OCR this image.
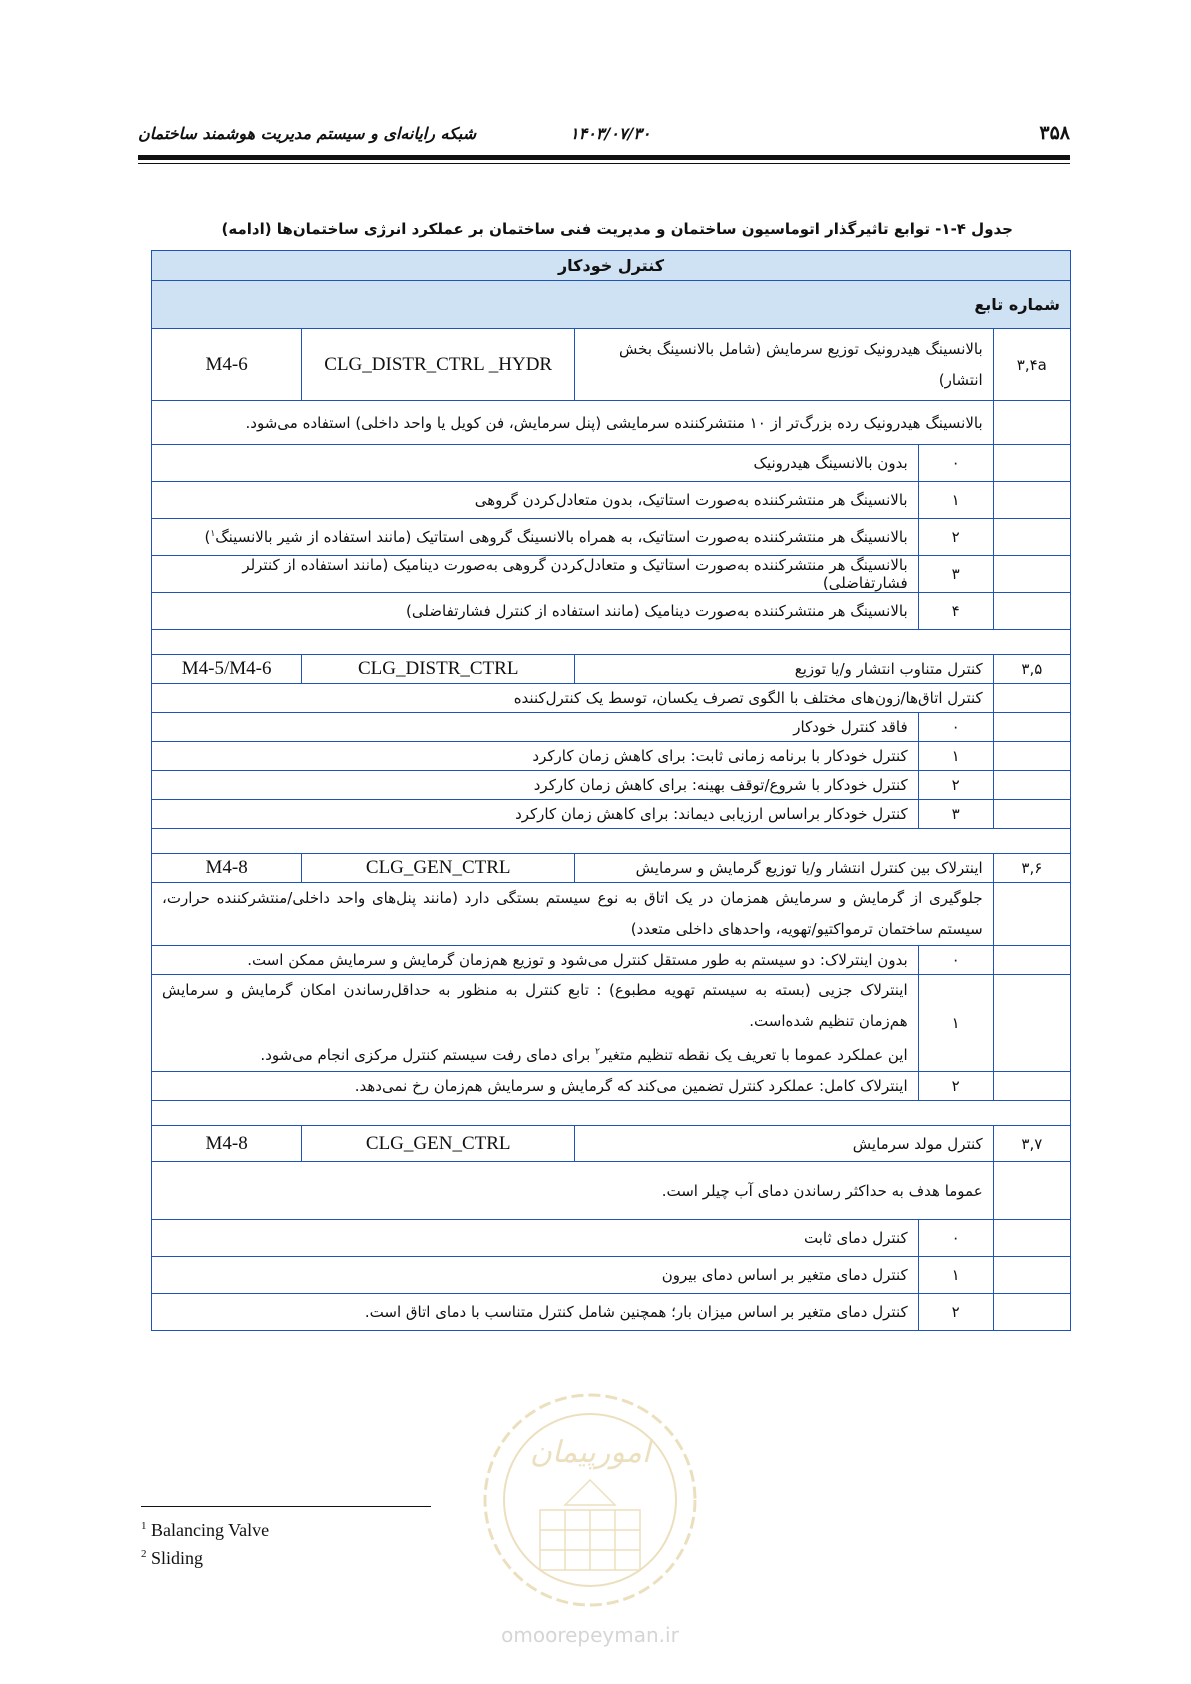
۳۵۸
۱۴۰۳/۰۷/۳۰
شبکه رایانه‌ای و سیستم مدیریت هوشمند ساختمان
جدول ۴-۱- توابع تاثیرگذار اتوماسیون ساختمان و مدیریت فنی ساختمان بر عملکرد انرژی ساختمان‌ها (ادامه)
کنترل خودکار				
شماره تابع				
۳,۴a	بالانسینگ هیدرونیک توزیع سرمایش (شامل بالانسینگ بخش انتشار)		CLG_DISTR_CTRL _HYDR	M4-6
	بالانسینگ هیدرونیک رده بزرگ‌تر از ۱۰ منتشرکننده سرمایشی (پنل سرمایش، فن کویل یا واحد داخلی) استفاده می‌شود.			
	۰	بدون بالانسینگ هیدرونیک		
	۱	بالانسینگ هر منتشرکننده به‌صورت استاتیک، بدون متعادل‌کردن گروهی		
	۲	بالانسینگ هر منتشرکننده به‌صورت استاتیک، به همراه بالانسینگ گروهی استاتیک (مانند استفاده از شیر بالانسینگ$^۱$)		
	۳	بالانسینگ هر منتشرکننده به‌صورت استاتیک و متعادل‌کردن گروهی به‌صورت دینامیک (مانند استفاده از کنترلر فشارتفاضلی)		
	۴	بالانسینگ هر منتشرکننده به‌صورت دینامیک (مانند استفاده از کنترل فشارتفاضلی)		

۳,۵	کنترل متناوب انتشار و/یا توزیع		CLG_DISTR_CTRL	M4-5/M4-6
	کنترل اتاق‌ها/زون‌های مختلف با الگوی تصرف یکسان، توسط یک کنترل‌کننده			
	۰	فاقد کنترل خودکار		
	۱	کنترل خودکار با برنامه زمانی ثابت: برای کاهش زمان کارکرد		
	۲	کنترل خودکار با شروع/توقف بهینه: برای کاهش زمان کارکرد		
	۳	کنترل خودکار براساس ارزیابی دیماند: برای کاهش زمان کارکرد		

۳,۶	اینترلاک بین کنترل انتشار و/یا توزیع گرمایش و سرمایش		CLG_GEN_CTRL	M4-8
	جلوگیری از گرمایش و سرمایش همزمان در یک اتاق به نوع سیستم بستگی دارد (مانند پنل‌های واحد داخلی/منتشرکننده حرارت، سیستم ساختمان ترمواکتیو/تهویه، واحدهای داخلی متعدد)			
	۰	بدون اینترلاک: دو سیستم به طور مستقل کنترل می‌شود و توزیع هم‌زمان گرمایش و سرمایش ممکن است.		
	۱	اینترلاک جزیی (بسته به سیستم تهویه مطبوع) : تابع کنترل به منظور به حداقل‌رساندن امکان گرمایش و سرمایش هم‌زمان تنظیم شده‌است.
این عملکرد عموما با تعریف یک نقطه تنظیم متغیر$^۲$ برای دمای رفت سیستم کنترل مرکزی انجام می‌شود.		

	۲	اینترلاک کامل: عملکرد کنترل تضمین می‌کند که گرمایش و سرمایش هم‌زمان رخ نمی‌دهد.		

۳,۷	کنترل مولد سرمایش		CLG_GEN_CTRL	M4-8
	عموما هدف به حداکثر رساندن دمای آب چیلر است.			
	۰	کنترل دمای ثابت		
	۱	کنترل دمای متغیر بر اساس دمای بیرون		
	۲	کنترل دمای متغیر بر اساس میزان بار؛ همچنین شامل کنترل متناسب با دمای اتاق است.		
$^1$ Balancing Valve
$^2$ Sliding
امورپیمان
omoorepeyman.ir
